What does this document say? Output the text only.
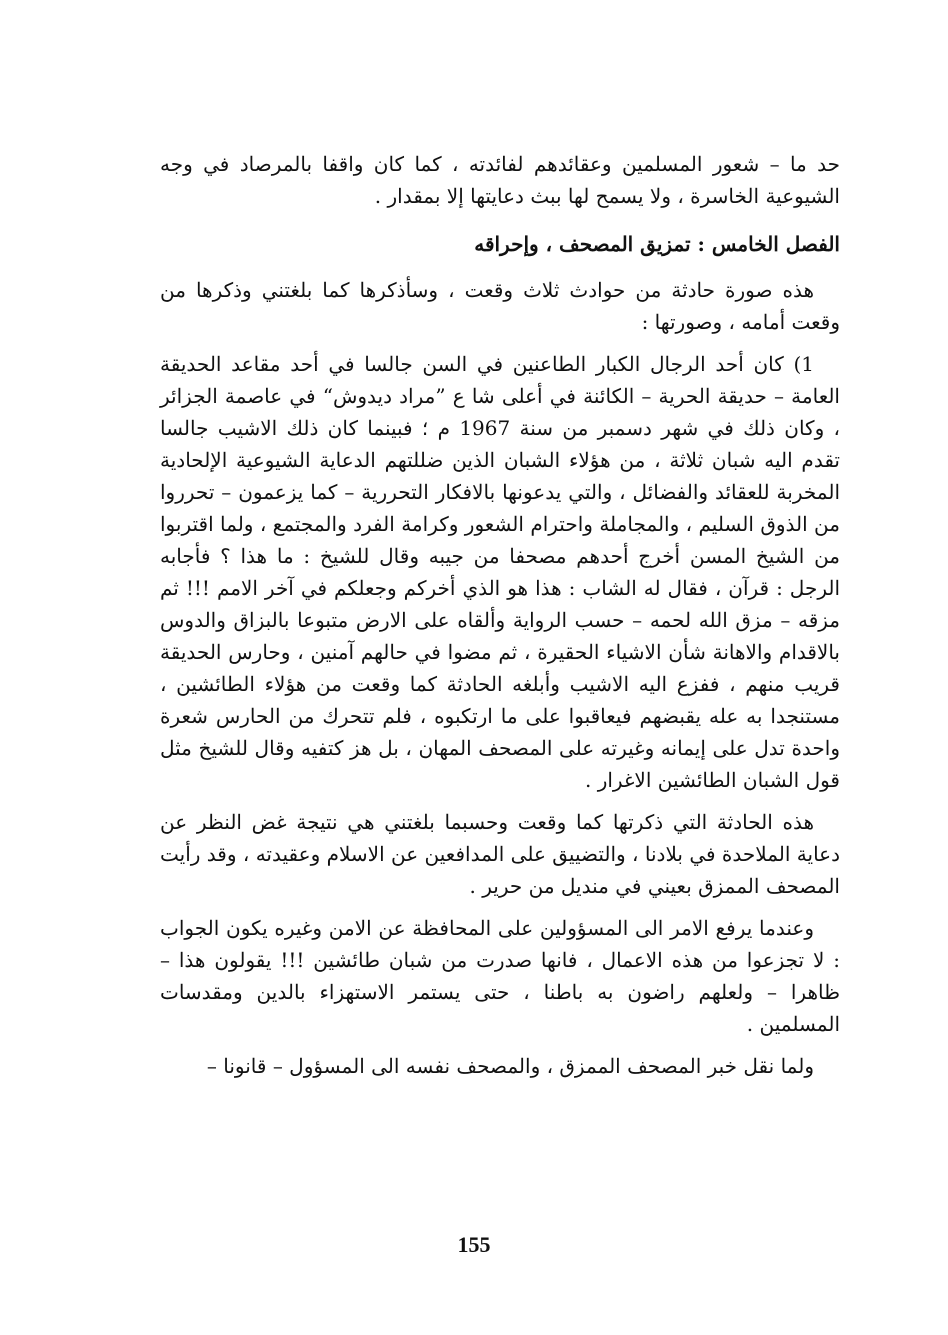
حد ما – شعور المسلمين وعقائدهم لفائدته ، كما كان واقفا بالمرصاد في وجه الشيوعية الخاسرة ، ولا يسمح لها ببث دعايتها إلا بمقدار .

الفصل الخامس : تمزيق المصحف ، وإحراقه

هذه صورة حادثة من حوادث ثلاث وقعت ، وسأذكرها كما بلغتني وذكرها من وقعت أمامه ، وصورتها :

1) كان أحد الرجال الكبار الطاعنين في السن جالسا في أحد مقاعد الحديقة العامة – حديقة الحرية – الكائنة في أعلى شا ع ”مراد ديدوش“ في عاصمة الجزائر ، وكان ذلك في شهر دسمبر من سنة 1967 م ؛ فبينما كان ذلك الاشيب جالسا تقدم اليه شبان ثلاثة ، من هؤلاء الشبان الذين ضللتهم الدعاية الشيوعية الإلحادية المخربة للعقائد والفضائل ، والتي يدعونها بالافكار التحررية – كما يزعمون – تحرروا من الذوق السليم ، والمجاملة واحترام الشعور وكرامة الفرد والمجتمع ، ولما اقتربوا من الشيخ المسن أخرج أحدهم مصحفا من جيبه وقال للشيخ : ما هذا ؟ فأجابه الرجل : قرآن ، فقال له الشاب : هذا هو الذي أخركم وجعلكم في آخر الامم !!! ثم مزقه – مزق الله لحمه – حسب الرواية وألقاه على الارض متبوعا بالبزاق والدوس بالاقدام والاهانة شأن الاشياء الحقيرة ، ثم مضوا في حالهم آمنين ، وحارس الحديقة قريب منهم ، ففزع اليه الاشيب وأبلغه الحادثة كما وقعت من هؤلاء الطائشين ، مستنجدا به عله يقبضهم فيعاقبوا على ما ارتكبوه ، فلم تتحرك من الحارس شعرة واحدة تدل على إيمانه وغيرته على المصحف المهان ، بل هز كتفيه وقال للشيخ مثل قول الشبان الطائشين الاغرار .

هذه الحادثة التي ذكرتها كما وقعت وحسبما بلغتني هي نتيجة غض النظر عن دعاية الملاحدة في بلادنا ، والتضييق على المدافعين عن الاسلام وعقيدته ، وقد رأيت المصحف الممزق بعيني في منديل من حرير .

وعندما يرفع الامر الى المسؤولين على المحافظة عن الامن وغيره يكون الجواب : لا تجزعوا من هذه الاعمال ، فانها صدرت من شبان طائشين !!! يقولون هذا – ظاهرا – ولعلهم راضون به باطنا ، حتى يستمر الاستهزاء بالدين ومقدسات المسلمين .

ولما نقل خبر المصحف الممزق ، والمصحف نفسه الى المسؤول – قانونا –

155
